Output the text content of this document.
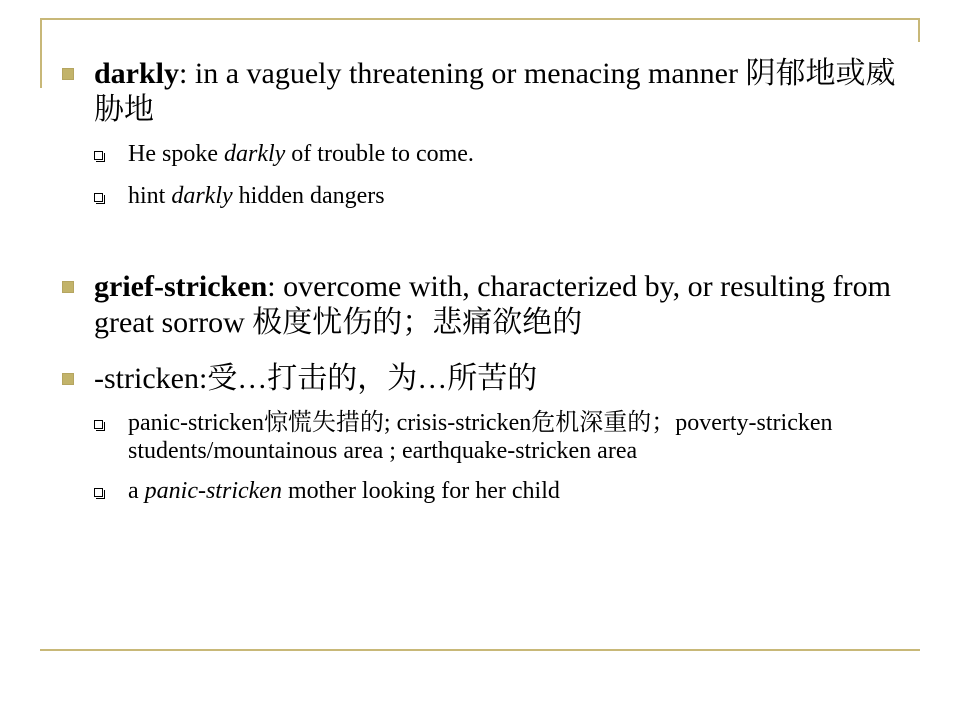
darkly: in a vaguely threatening or menacing manner 阴郁地或威胁地
He spoke darkly of trouble to come.
hint darkly hidden dangers
grief-stricken: overcome with, characterized by, or resulting from great sorrow 极度忧伤的；悲痛欲绝的
-stricken:受…打击的，为…所苦的
panic-stricken惊慌失措的; crisis-stricken危机深重的；poverty-stricken students/mountainous area ; earthquake-stricken area
a panic-stricken mother looking for her child
